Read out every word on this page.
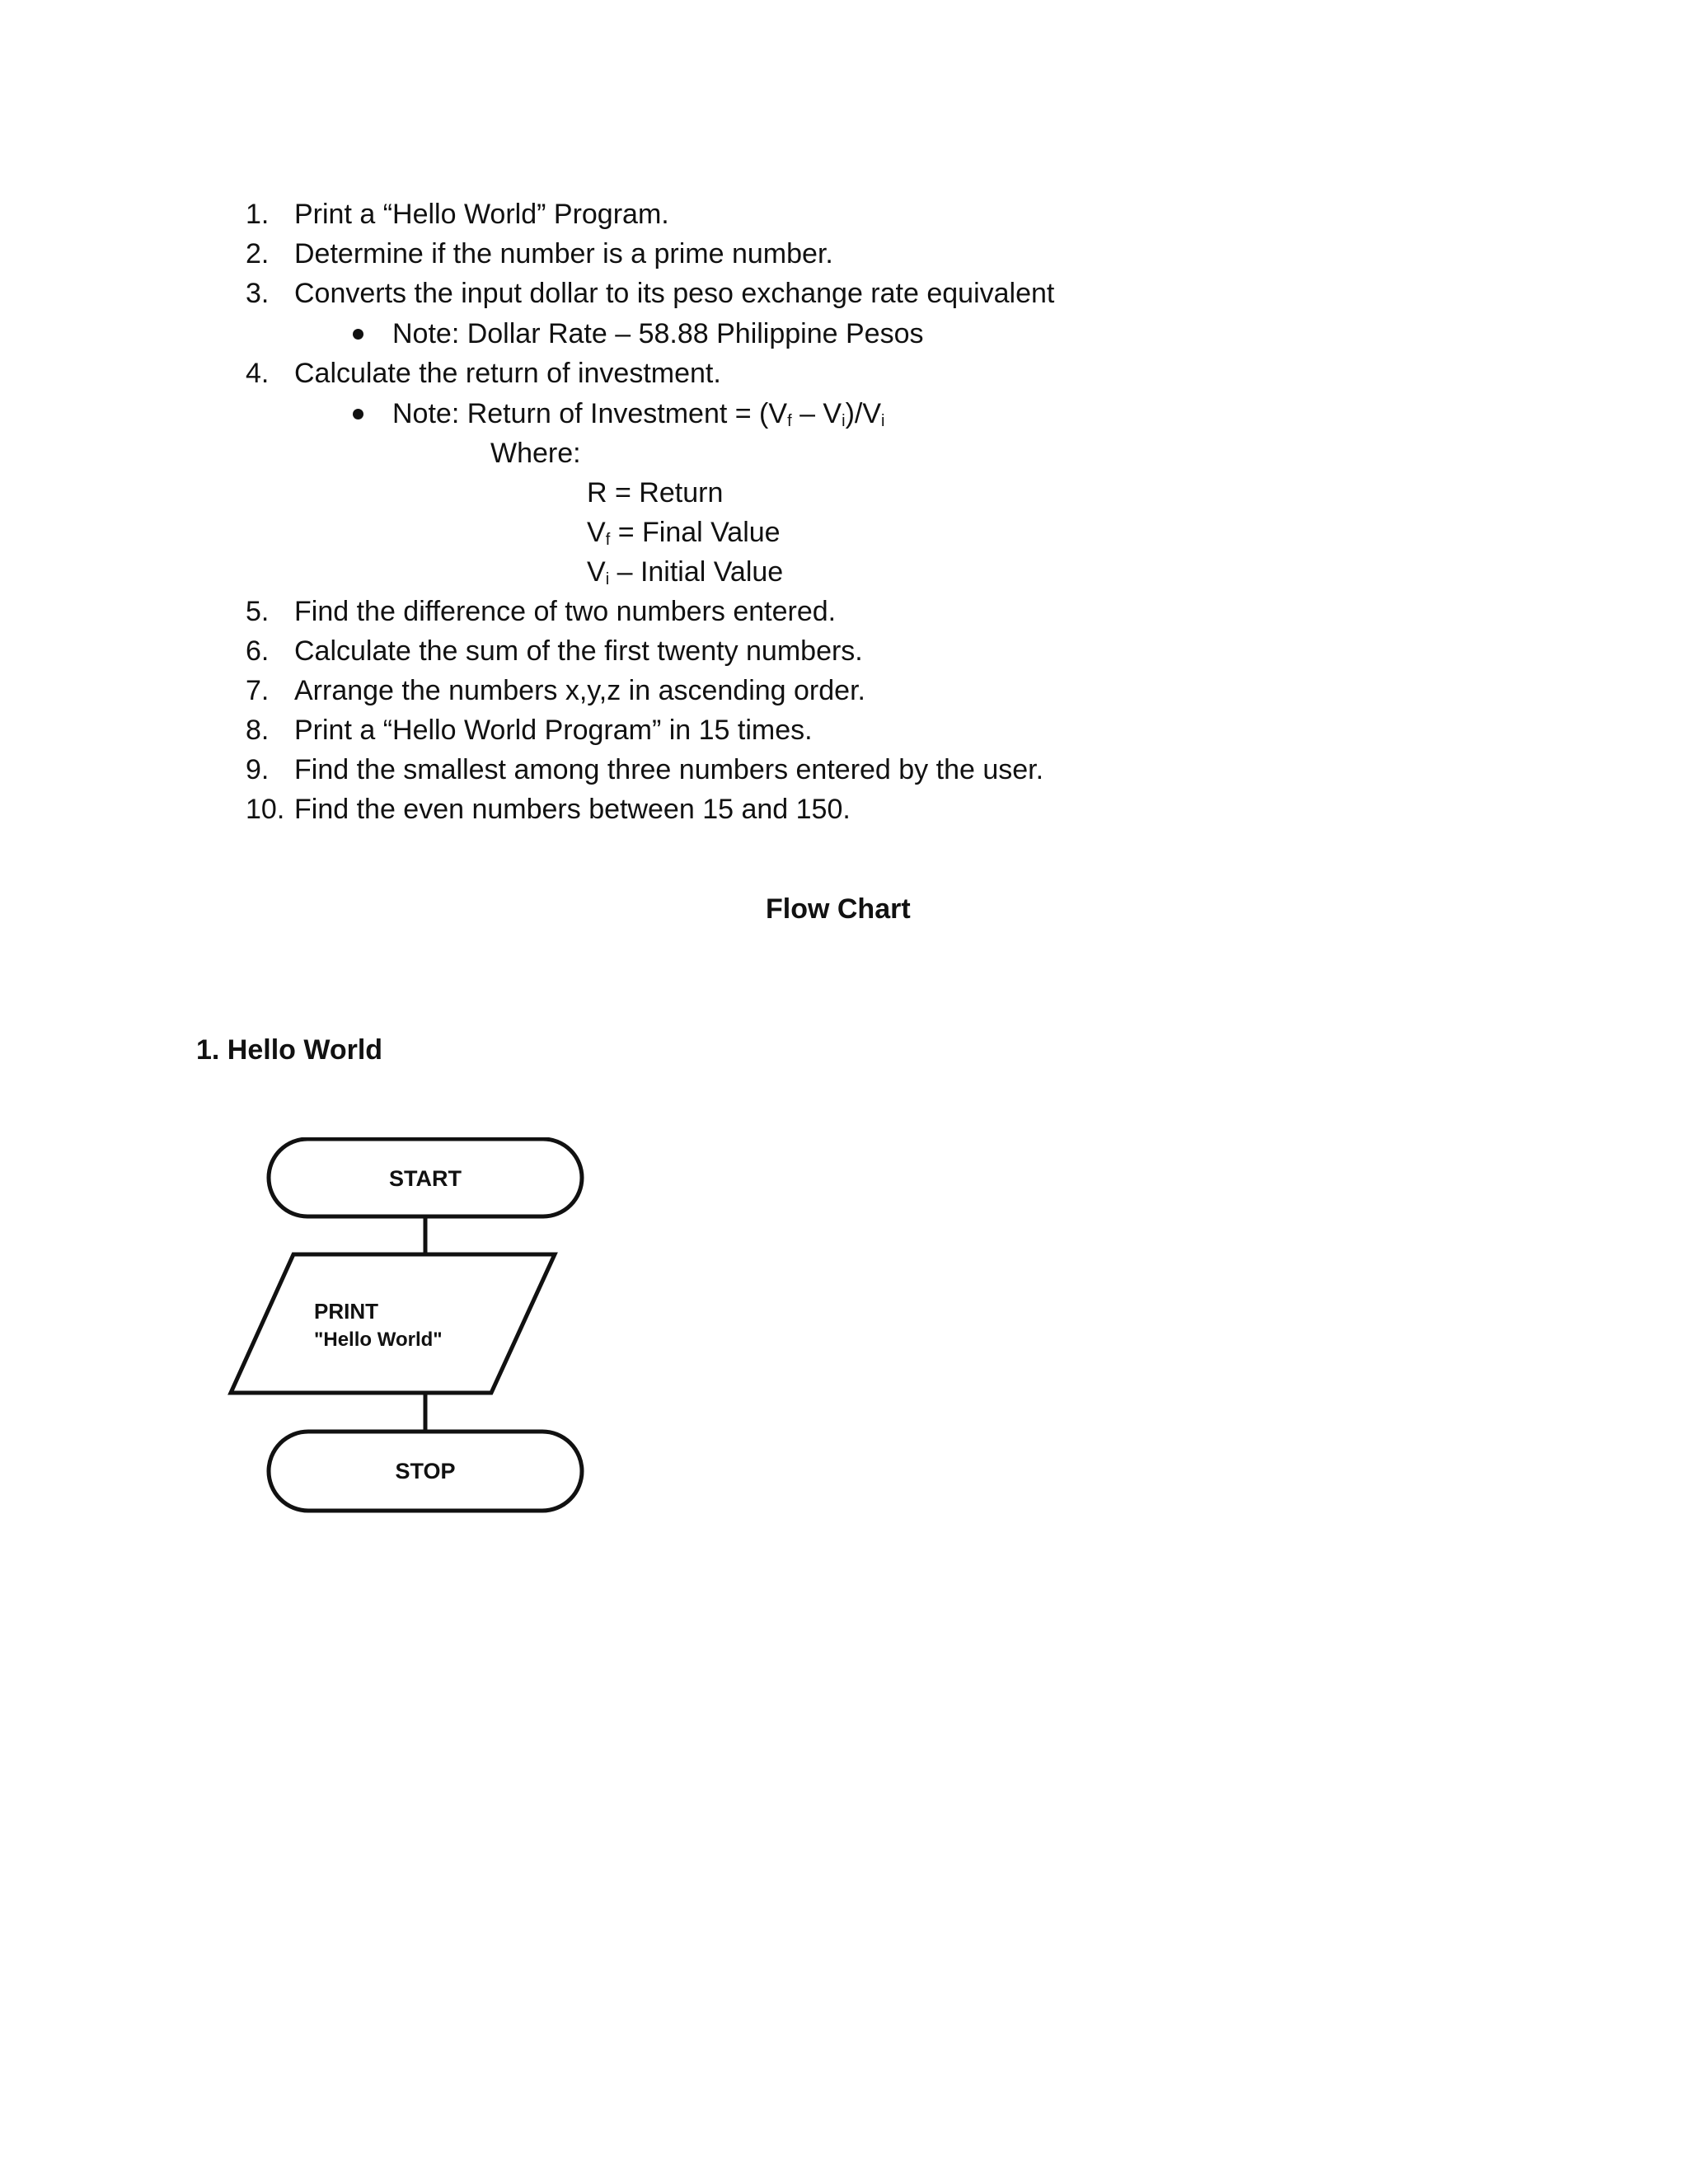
1. Print a “Hello World” Program.
2. Determine if the number is a prime number.
3. Converts the input dollar to its peso exchange rate equivalent
Note: Dollar Rate – 58.88 Philippine Pesos
4. Calculate the return of investment.
Note: Return of Investment = $(V_f - V_i)/V_i$
Where:
R = Return
$V_f$ = Final Value
$V_i$ – Initial Value
5. Find the difference of two numbers entered.
6. Calculate the sum of the first twenty numbers.
7. Arrange the numbers x,y,z in ascending order.
8. Print a “Hello World Program” in 15 times.
9. Find the smallest among three numbers entered by the user.
10. Find the even numbers between 15 and 150.
Flow Chart
1. Hello World
START
PRINT
"Hello World"
STOP
